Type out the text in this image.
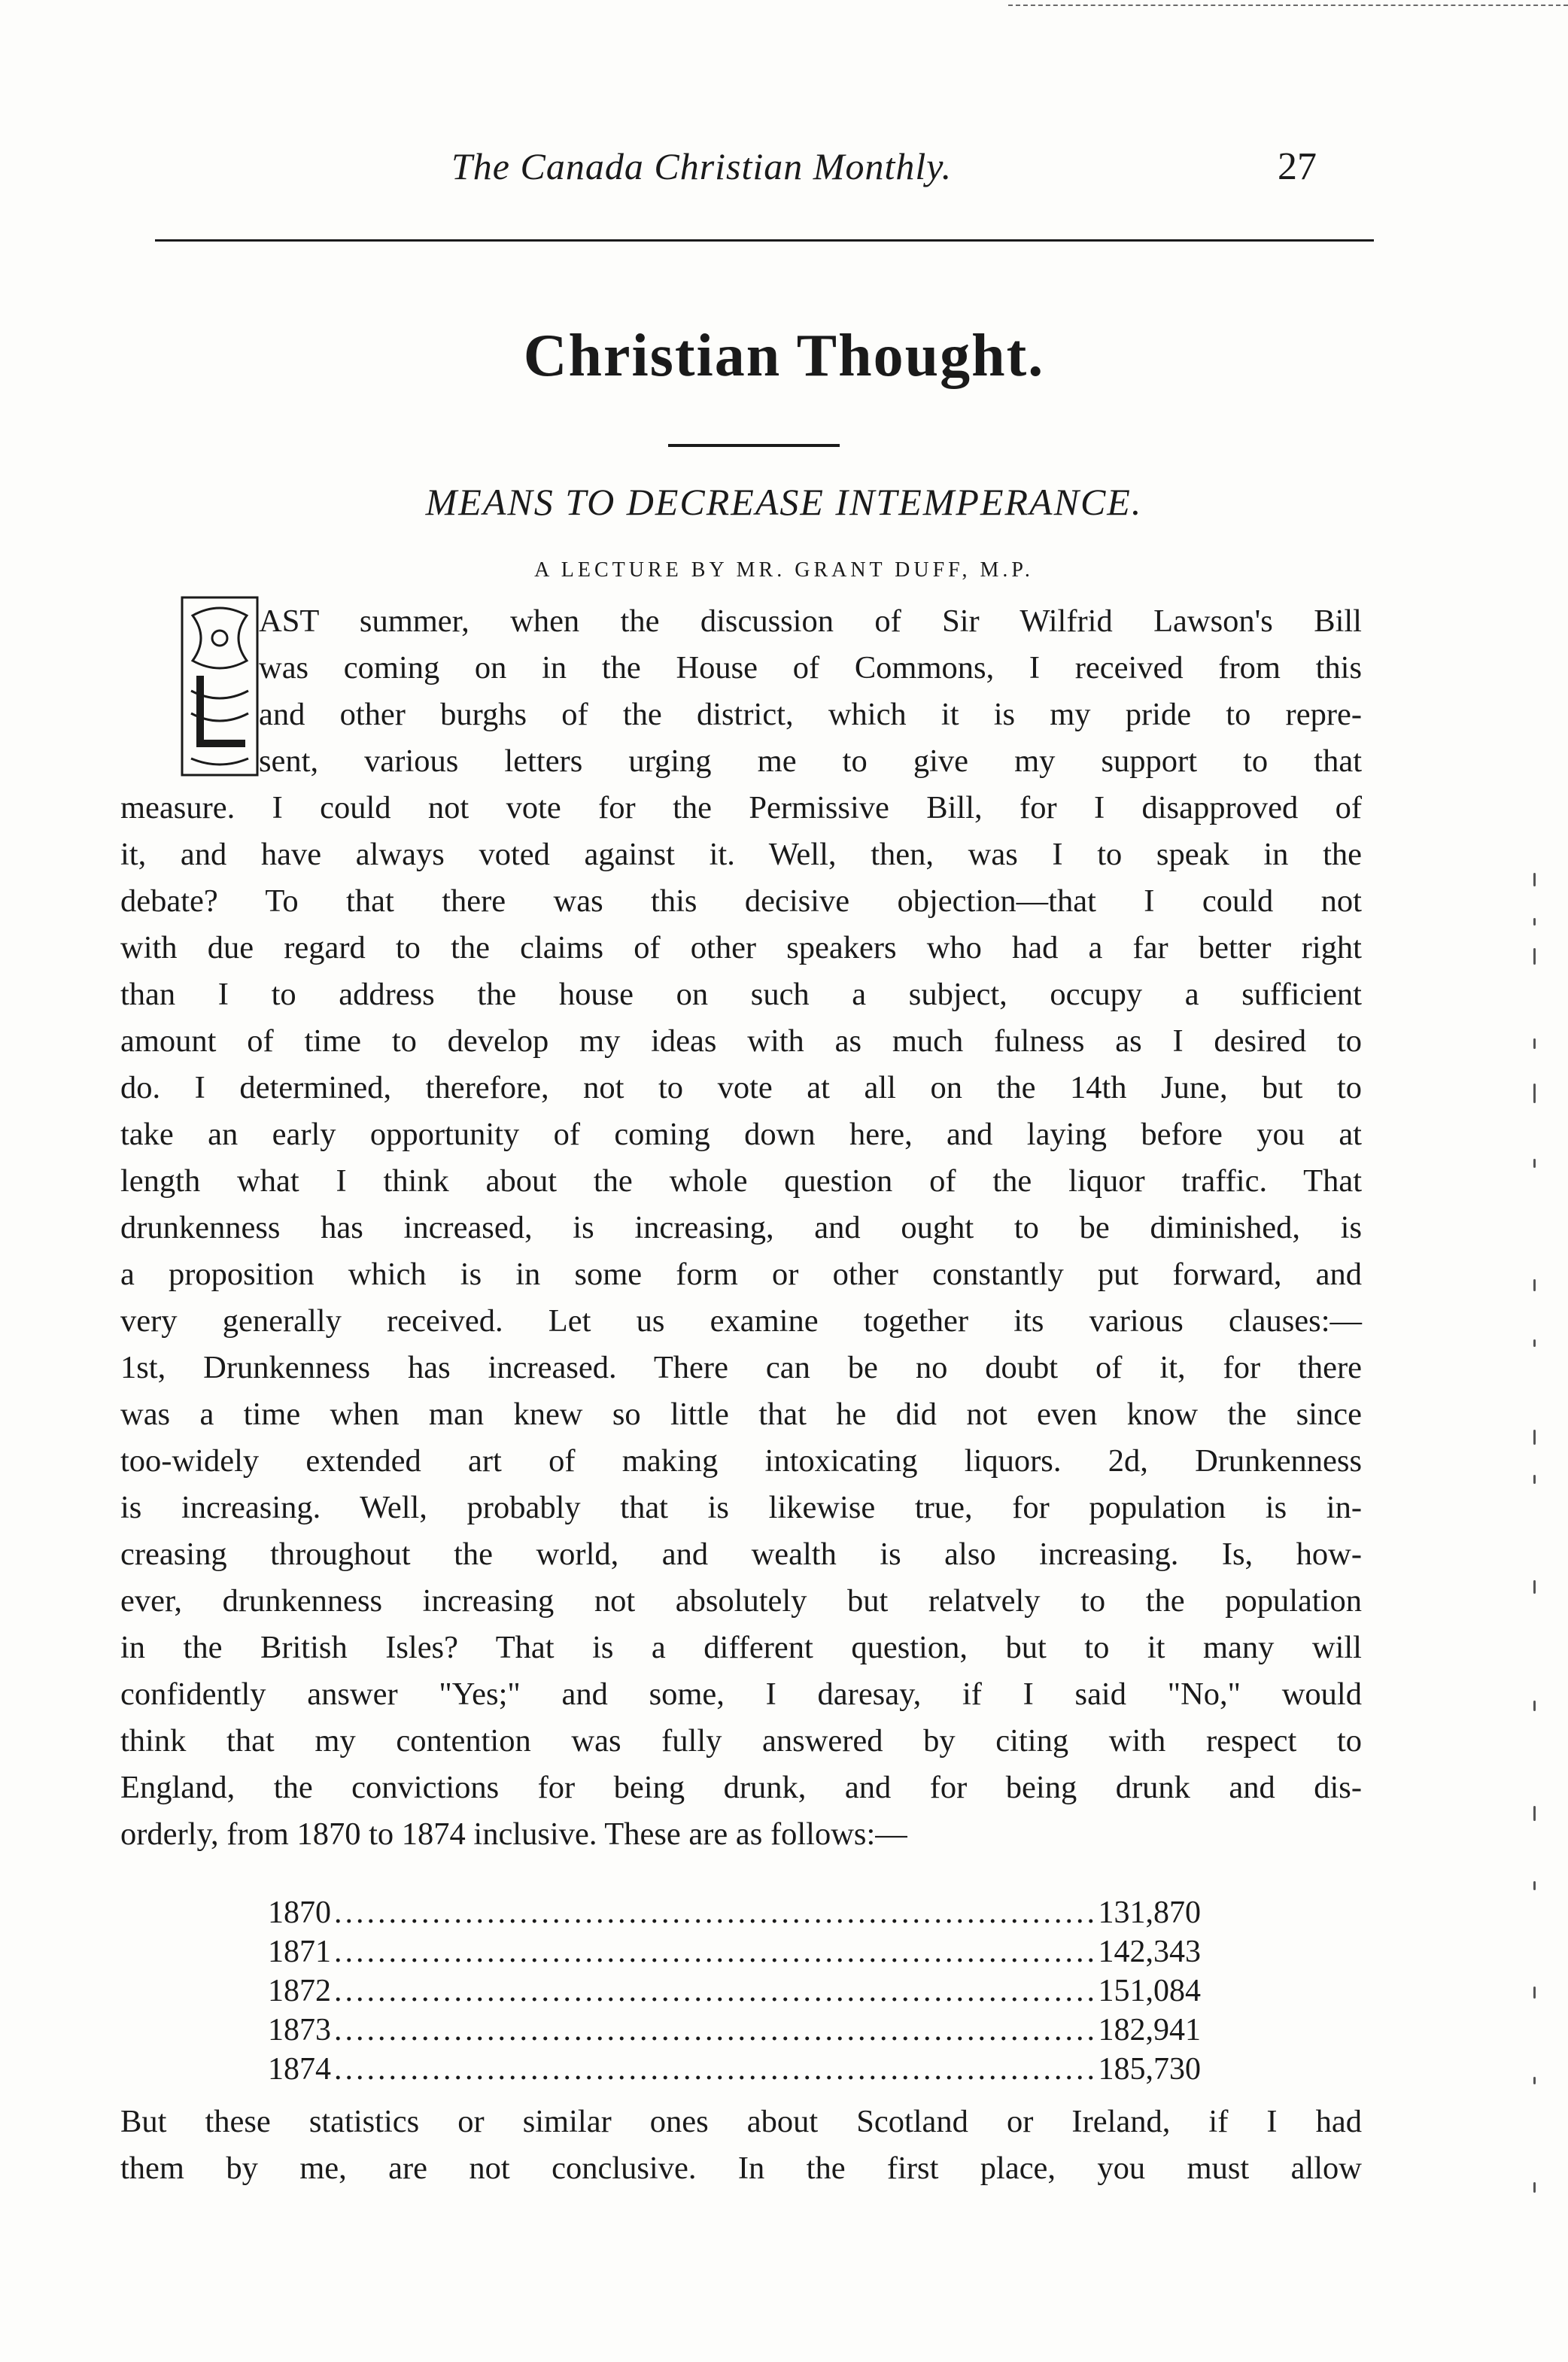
The Canada Christian Monthly.	27
Christian Thought.
MEANS TO DECREASE INTEMPERANCE.
A LECTURE BY MR. GRANT DUFF, M.P.
AST summer, when the discussion of Sir Wilfrid Lawson's Bill
was coming on in the House of Commons, I received from this
and other burghs of the district, which it is my pride to repre-
sent, various letters urging me to give my support to that
measure. I could not vote for the Permissive Bill, for I disapproved of
it, and have always voted against it. Well, then, was I to speak in the
debate? To that there was this decisive objection—that I could not
with due regard to the claims of other speakers who had a far better right
than I to address the house on such a subject, occupy a sufficient
amount of time to develop my ideas with as much fulness as I desired to
do. I determined, therefore, not to vote at all on the 14th June, but to
take an early opportunity of coming down here, and laying before you at
length what I think about the whole question of the liquor traffic. That
drunkenness has increased, is increasing, and ought to be diminished, is
a proposition which is in some form or other constantly put forward, and
very generally received. Let us examine together its various clauses:—
1st, Drunkenness has increased. There can be no doubt of it, for there
was a time when man knew so little that he did not even know the since
too-widely extended art of making intoxicating liquors. 2d, Drunkenness
is increasing. Well, probably that is likewise true, for population is in-
creasing throughout the world, and wealth is also increasing. Is, how-
ever, drunkenness increasing not absolutely but relatvely to the population
in the British Isles? That is a different question, but to it many will
confidently answer "Yes;" and some, I daresay, if I said "No," would
think that my contention was fully answered by citing with respect to
England, the convictions for being drunk, and for being drunk and dis-
orderly, from 1870 to 1874 inclusive. These are as follows:—
But these statistics or similar ones about Scotland or Ireland, if I had
them by me, are not conclusive. In the first place, you must allow
1870 .....	131,870
1871 .....	142,343
1872 .....	151,084
1873 .....	182,941
1874 .....	185,730
